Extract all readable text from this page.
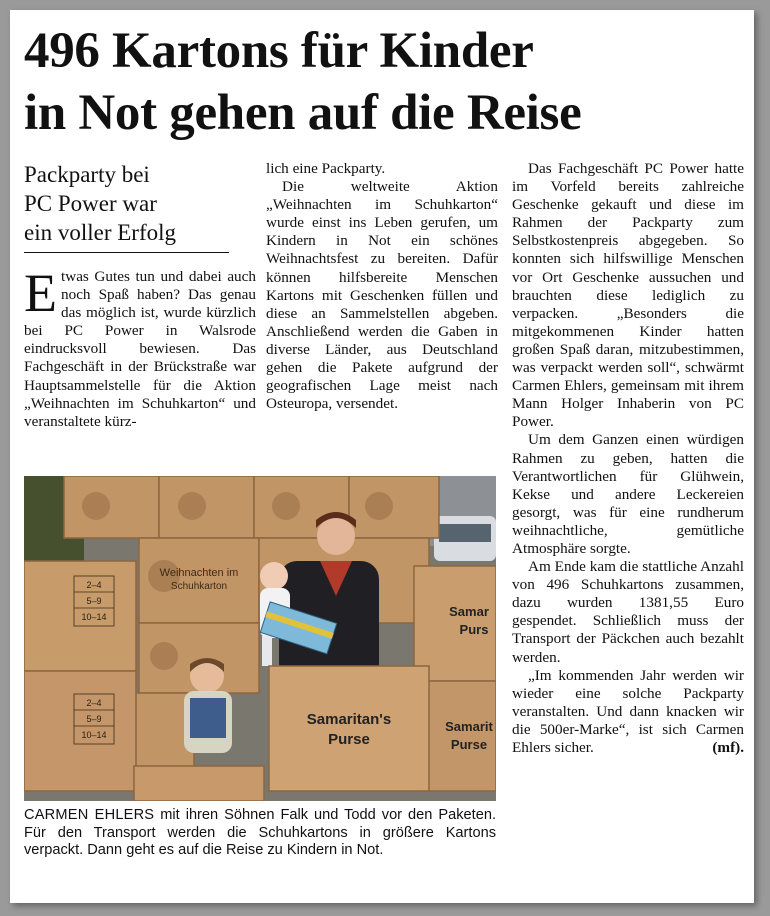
496 Kartons für Kinder
in Not gehen auf die Reise
Packparty bei
PC Power war
ein voller Erfolg

Etwas Gutes tun und dabei auch noch Spaß haben? Das genau das möglich ist, wurde kürzlich bei PC Power in Walsrode eindrucksvoll bewiesen. Das Fachgeschäft in der Brückstraße war Hauptsammelstelle für die Aktion „Weihnachten im Schuhkarton“ und veranstaltete kürz-

lich eine Packparty.

Die weltweite Aktion „Weihnachten im Schuhkarton“ wurde einst ins Leben gerufen, um Kindern in Not ein schönes Weihnachtsfest zu bereiten. Dafür können hilfsbereite Menschen Kartons mit Geschenken füllen und diese an Sammelstellen abgeben. Anschließend werden die Gaben in diverse Länder, aus Deutschland gehen die Pakete aufgrund der geografischen Lage meist nach Osteuropa, versendet.

Das Fachgeschäft PC Power hatte im Vorfeld bereits zahlreiche Geschenke gekauft und diese im Rahmen der Packparty zum Selbstkostenpreis abgegeben. So konnten sich hilfswillige Menschen vor Ort Geschenke aussuchen und brauchten diese lediglich zu verpacken. „Besonders die mitgekommenen Kinder hatten großen Spaß daran, mitzubestimmen, was verpackt werden soll“, schwärmt Carmen Ehlers, gemeinsam mit ihrem Mann Holger Inhaberin von PC Power.

Um dem Ganzen einen würdigen Rahmen zu geben, hatten die Verantwortlichen für Glühwein, Kekse und andere Leckereien gesorgt, was für eine rundherum weihnachtliche, gemütliche Atmosphäre sorgte.

Am Ende kam die stattliche Anzahl von 496 Schuhkartons zusammen, dazu wurden 1381,55 Euro gespendet. Schließlich muss der Transport der Päckchen auch bezahlt werden.

„Im kommenden Jahr werden wir wieder eine solche Packparty veranstalten. Und dann knacken wir die 500er-Marke“, ist sich Carmen Ehlers sicher.	(mf).

Weihnachten im
Schuhkarton
2–4
5–9
10–14
2–4
5–9
10–14
Samar
Purs
Samarit
Purse
Samaritan's
Purse

CARMEN EHLERS mit ihren Söhnen Falk und Todd vor den Paketen. Für den Transport werden die Schuhkartons in größere Kartons verpackt. Dann geht es auf die Reise zu Kindern in Not.
